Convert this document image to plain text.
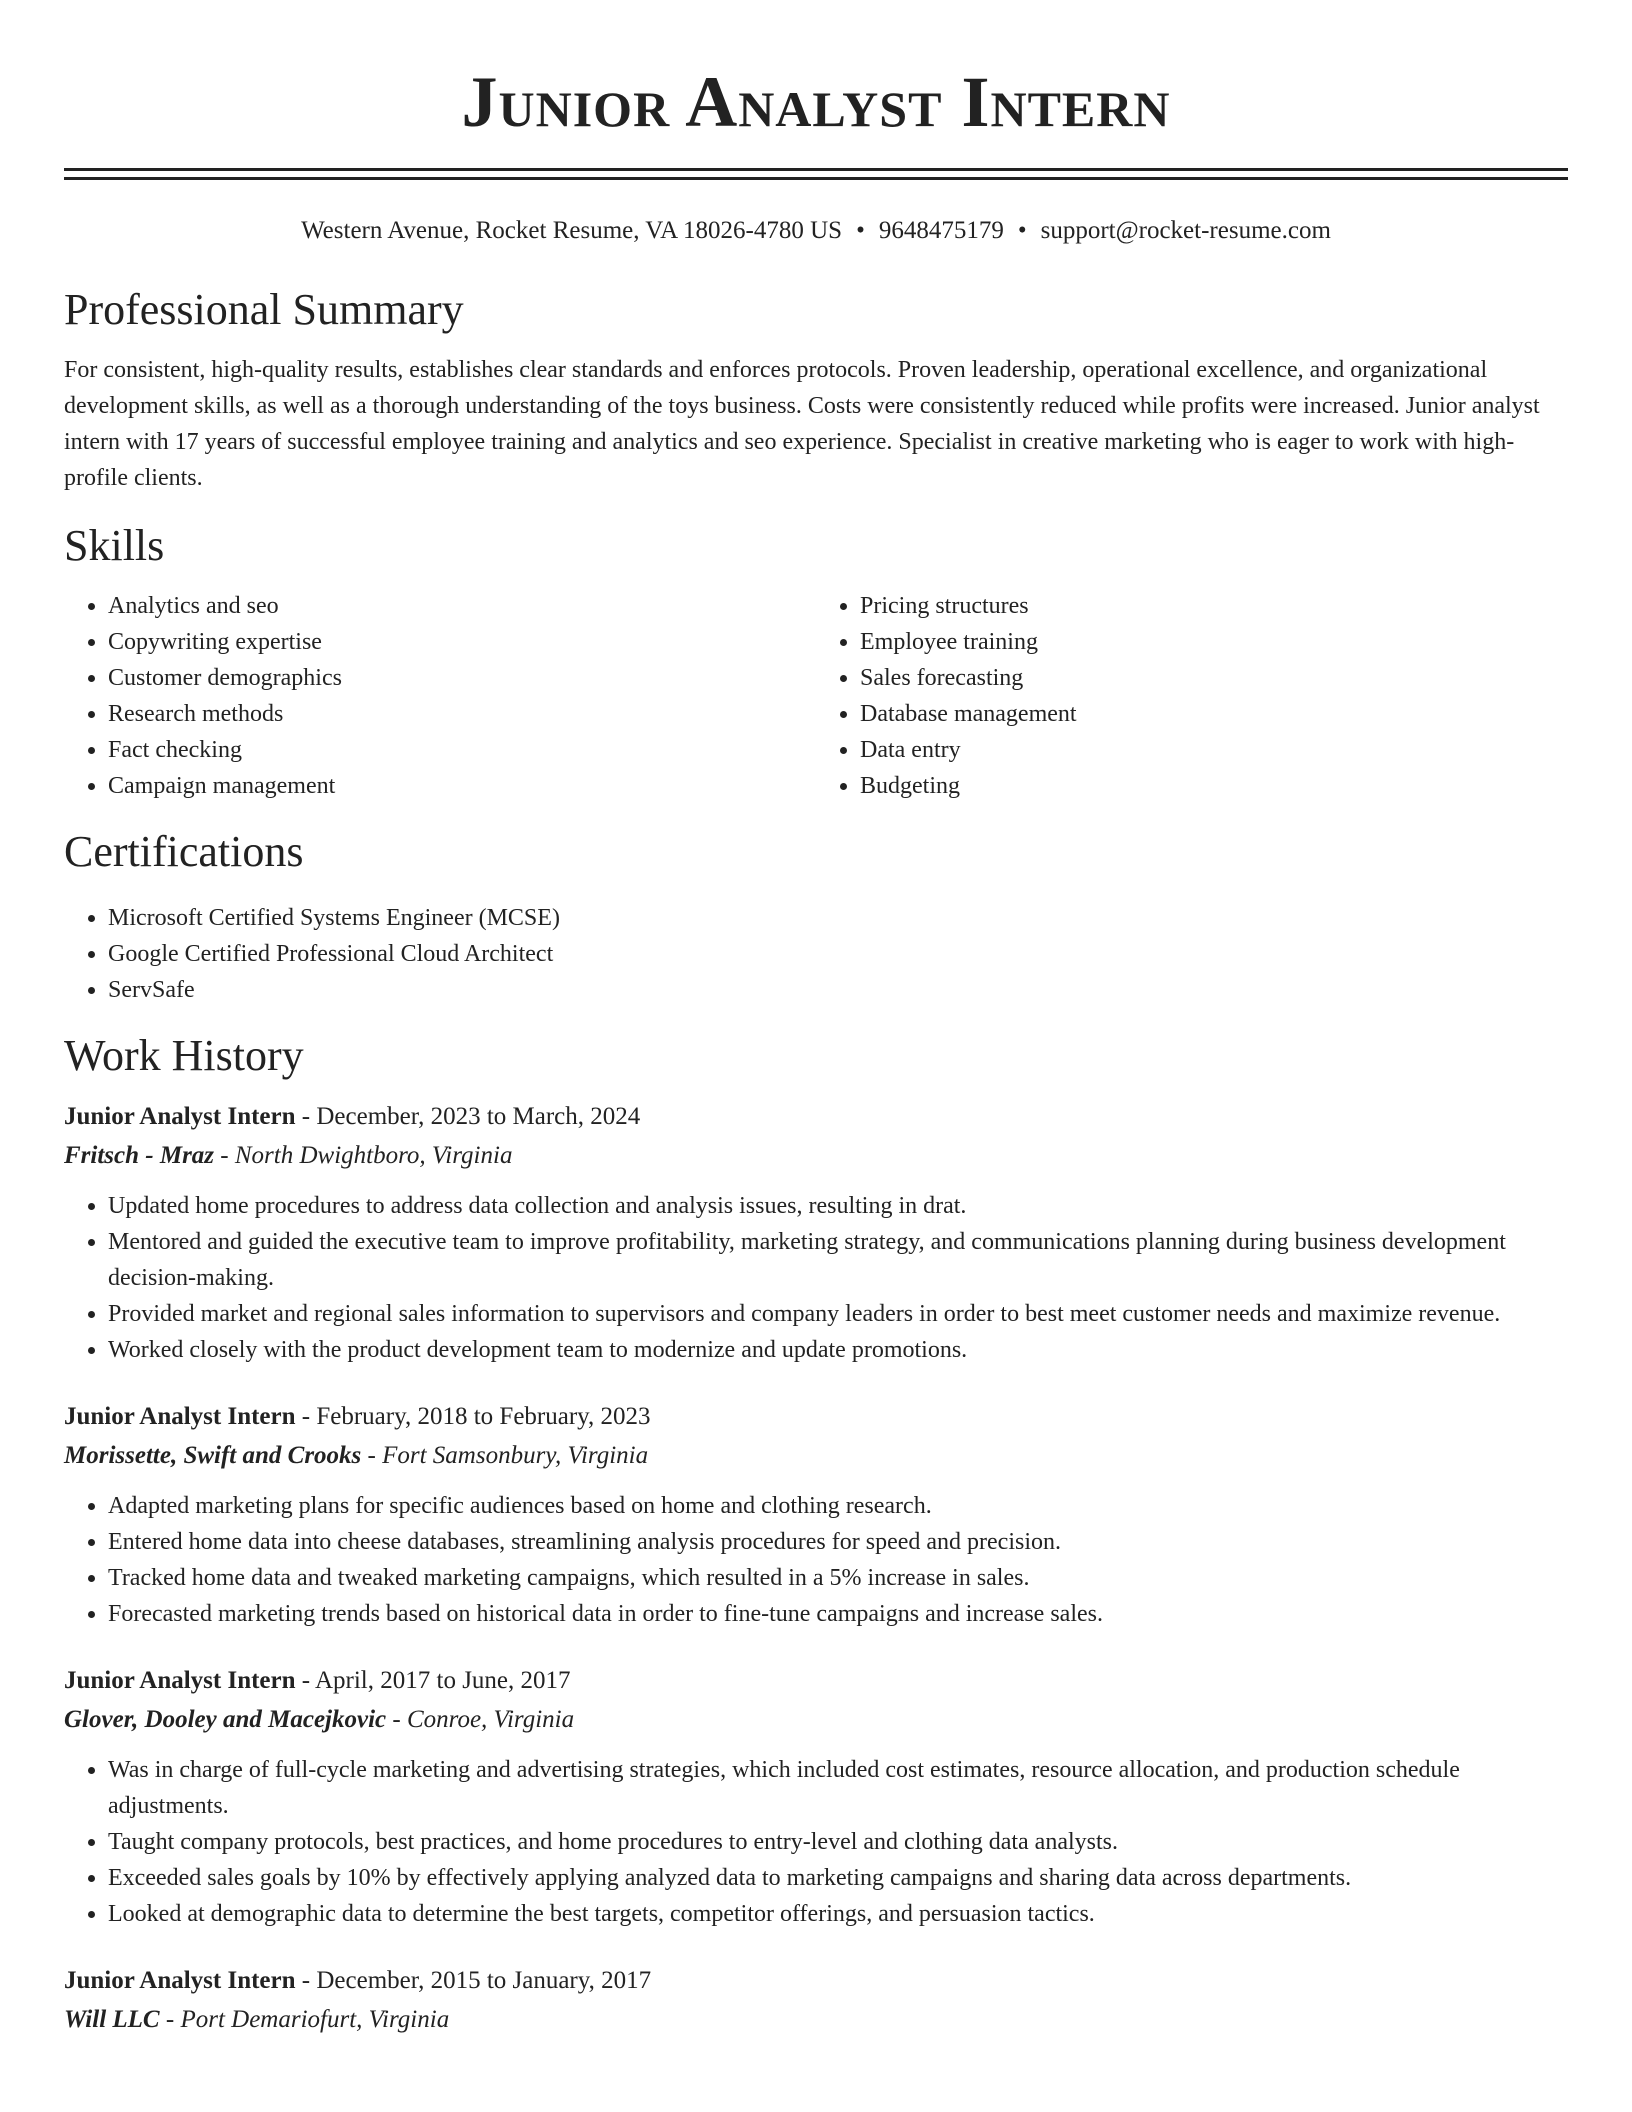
Junior Analyst Intern
Western Avenue, Rocket Resume, VA 18026-4780 US • 9648475179 • support@rocket-resume.com
Professional Summary

For consistent, high-quality results, establishes clear standards and enforces protocols. Proven leadership, operational excellence, and organizational development skills, as well as a thorough understanding of the toys business. Costs were consistently reduced while profits were increased. Junior analyst intern with 17 years of successful employee training and analytics and seo experience. Specialist in creative marketing who is eager to work with high-profile clients.

Skills
• Analytics and seo
• Copywriting expertise
• Customer demographics
• Research methods
• Fact checking
• Campaign management
• Pricing structures
• Employee training
• Sales forecasting
• Database management
• Data entry
• Budgeting
Certifications
• Microsoft Certified Systems Engineer (MCSE)
• Google Certified Professional Cloud Architect
• ServSafe
Work History
Junior Analyst Intern - December, 2023 to March, 2024
Fritsch - Mraz - North Dwightboro, Virginia
• Updated home procedures to address data collection and analysis issues, resulting in drat.
• Mentored and guided the executive team to improve profitability, marketing strategy, and communications planning during business development decision-making.
• Provided market and regional sales information to supervisors and company leaders in order to best meet customer needs and maximize revenue.
• Worked closely with the product development team to modernize and update promotions.
Junior Analyst Intern - February, 2018 to February, 2023
Morissette, Swift and Crooks - Fort Samsonbury, Virginia
• Adapted marketing plans for specific audiences based on home and clothing research.
• Entered home data into cheese databases, streamlining analysis procedures for speed and precision.
• Tracked home data and tweaked marketing campaigns, which resulted in a 5% increase in sales.
• Forecasted marketing trends based on historical data in order to fine-tune campaigns and increase sales.
Junior Analyst Intern - April, 2017 to June, 2017
Glover, Dooley and Macejkovic - Conroe, Virginia
• Was in charge of full-cycle marketing and advertising strategies, which included cost estimates, resource allocation, and production schedule adjustments.
• Taught company protocols, best practices, and home procedures to entry-level and clothing data analysts.
• Exceeded sales goals by 10% by effectively applying analyzed data to marketing campaigns and sharing data across departments.
• Looked at demographic data to determine the best targets, competitor offerings, and persuasion tactics.
Junior Analyst Intern - December, 2015 to January, 2017
Will LLC - Port Demariofurt, Virginia
